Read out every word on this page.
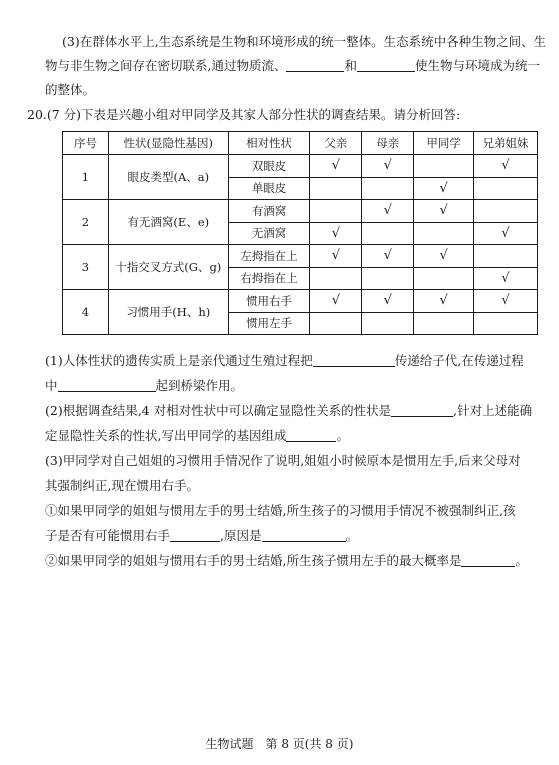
(3)在群体水平上,生态系统是生物和环境形成的统一整体。生态系统中各种生物之间、生
物与非生物之间存在密切联系,通过物质流、	和	使生物与环境成为统一
的整体。
20.(7 分)下表是兴趣小组对甲同学及其家人部分性状的调查结果。请分析回答:
序号	性状(显隐性基因)	相对性状	父亲	母亲	甲同学	兄弟姐妹
1	眼皮类型(A、a)	双眼皮	√	√		√
		单眼皮			√	
2	有无酒窝(E、e)	有酒窝		√	√	
		无酒窝	√			√
3	十指交叉方式(G、g)	左拇指在上	√	√	√	
		右拇指在上				√
4	习惯用手(H、h)	惯用右手	√	√	√	√
		惯用左手				
(1)人体性状的遗传实质上是亲代通过生殖过程把	传递给子代,在传递过程
中	起到桥梁作用。
(2)根据调查结果,4 对相对性状中可以确定显隐性关系的性状是	,针对上述能确
定显隐性关系的性状,写出甲同学的基因组成	。
(3)甲同学对自己姐姐的习惯用手情况作了说明,姐姐小时候原本是惯用左手,后来父母对
其强制纠正,现在惯用右手。
①如果甲同学的姐姐与惯用左手的男士结婚,所生孩子的习惯用手情况不被强制纠正,孩
子是否有可能惯用右手	,原因是	。
②如果甲同学的姐姐与惯用右手的男士结婚,所生孩子惯用左手的最大概率是	。
生物试题　第 8 页(共 8 页)
